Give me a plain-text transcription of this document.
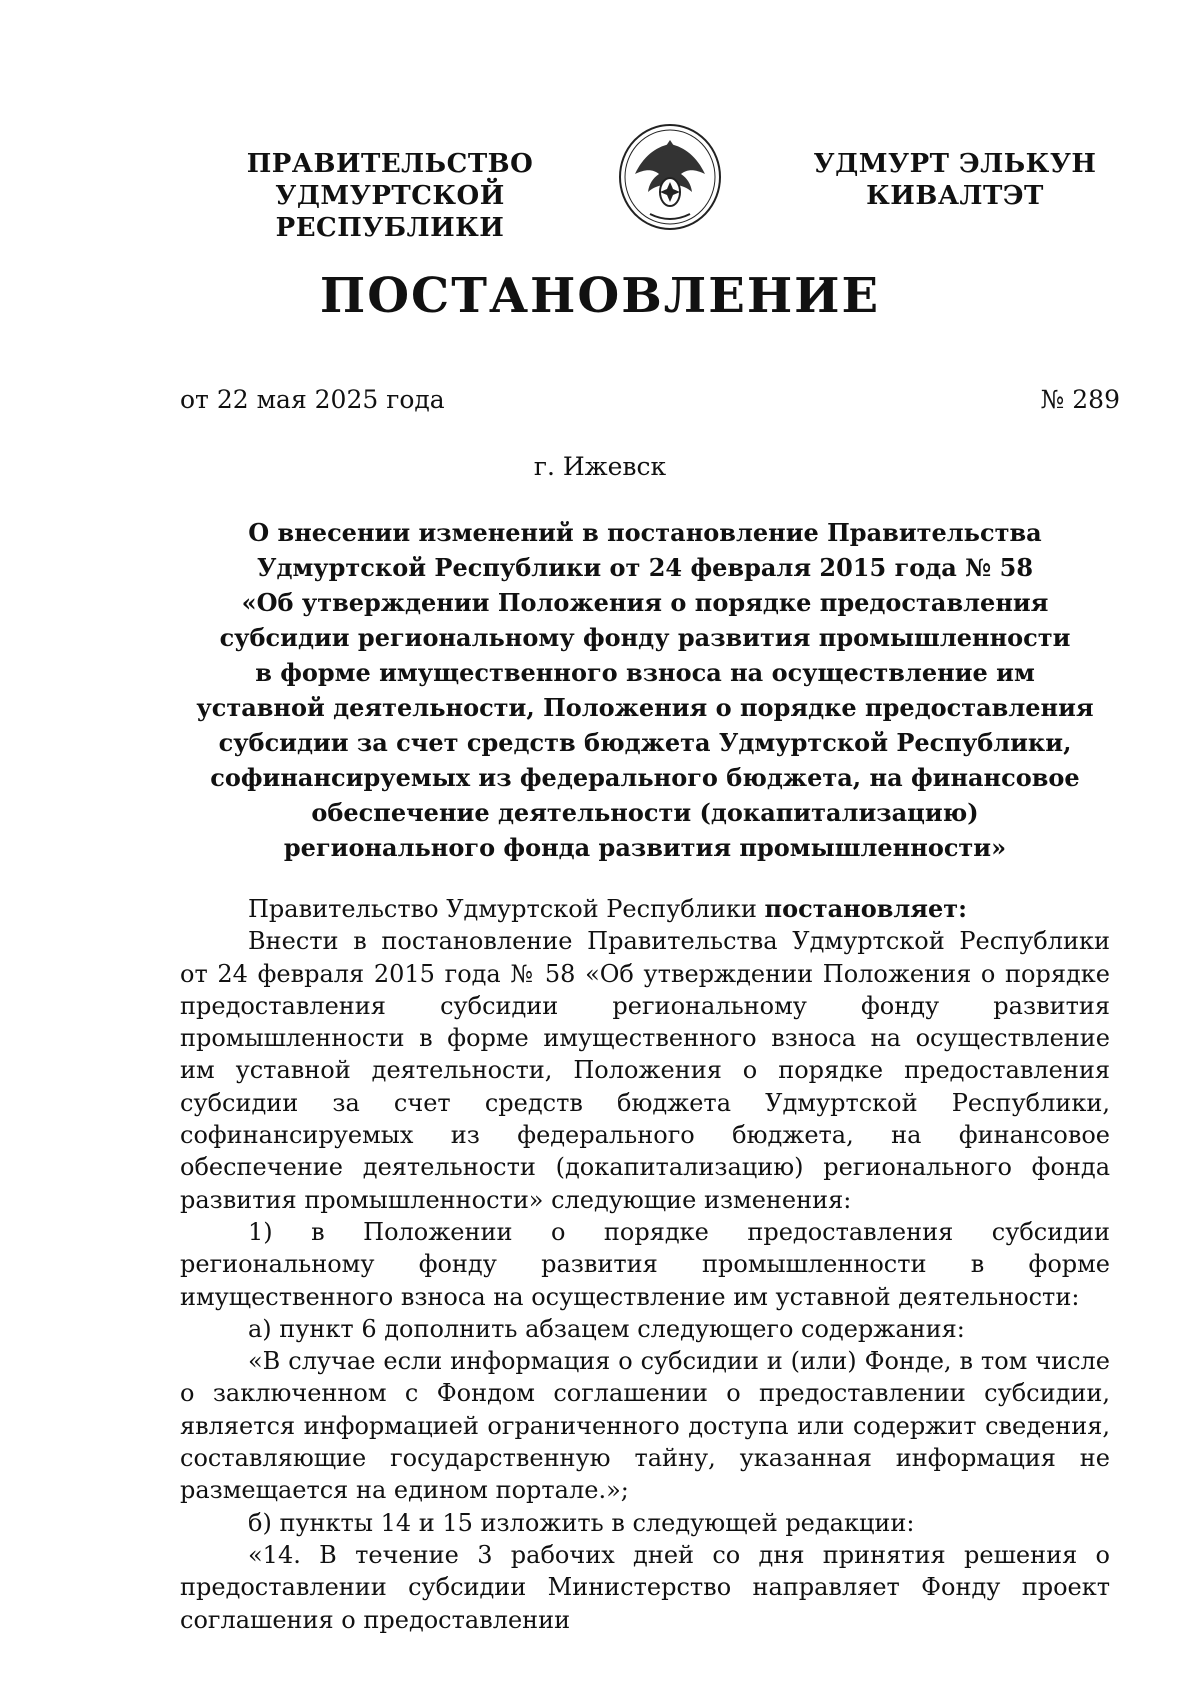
ПРАВИТЕЛЬСТВО
УДМУРТСКОЙ РЕСПУБЛИКИ
УДМУРТ ЭЛЬКУН
КИВАЛТЭТ
ПОСТАНОВЛЕНИЕ
от 22 мая 2025 года	№ 289
г. Ижевск
О внесении изменений в постановление Правительства
Удмуртской Республики от 24 февраля 2015 года № 58
«Об утверждении Положения о порядке предоставления
субсидии региональному фонду развития промышленности
в форме имущественного взноса на осуществление им
уставной деятельности, Положения о порядке предоставления
субсидии за счет средств бюджета Удмуртской Республики,
софинансируемых из федерального бюджета, на финансовое
обеспечение деятельности (докапитализацию)
регионального фонда развития промышленности»

Правительство Удмуртской Республики постановляет:

Внести в постановление Правительства Удмуртской Республики от 24 февраля 2015 года № 58 «Об утверждении Положения о порядке предоставления субсидии региональному фонду развития промышленности в форме имущественного взноса на осуществление им уставной деятельности, Положения о порядке предоставления субсидии за счет средств бюджета Удмуртской Республики, софинансируемых из федерального бюджета, на финансовое обеспечение деятельности (докапитализацию) регионального фонда развития промышленности» следующие изменения:

1) в Положении о порядке предоставления субсидии региональному фонду развития промышленности в форме имущественного взноса на осуществление им уставной деятельности:

а) пункт 6 дополнить абзацем следующего содержания:

«В случае если информация о субсидии и (или) Фонде, в том числе о заключенном с Фондом соглашении о предоставлении субсидии, является информацией ограниченного доступа или содержит сведения, составляющие государственную тайну, указанная информация не размещается на едином портале.»;

б) пункты 14 и 15 изложить в следующей редакции:

«14. В течение 3 рабочих дней со дня принятия решения о предоставлении субсидии Министерство направляет Фонду проект соглашения о предоставлении
